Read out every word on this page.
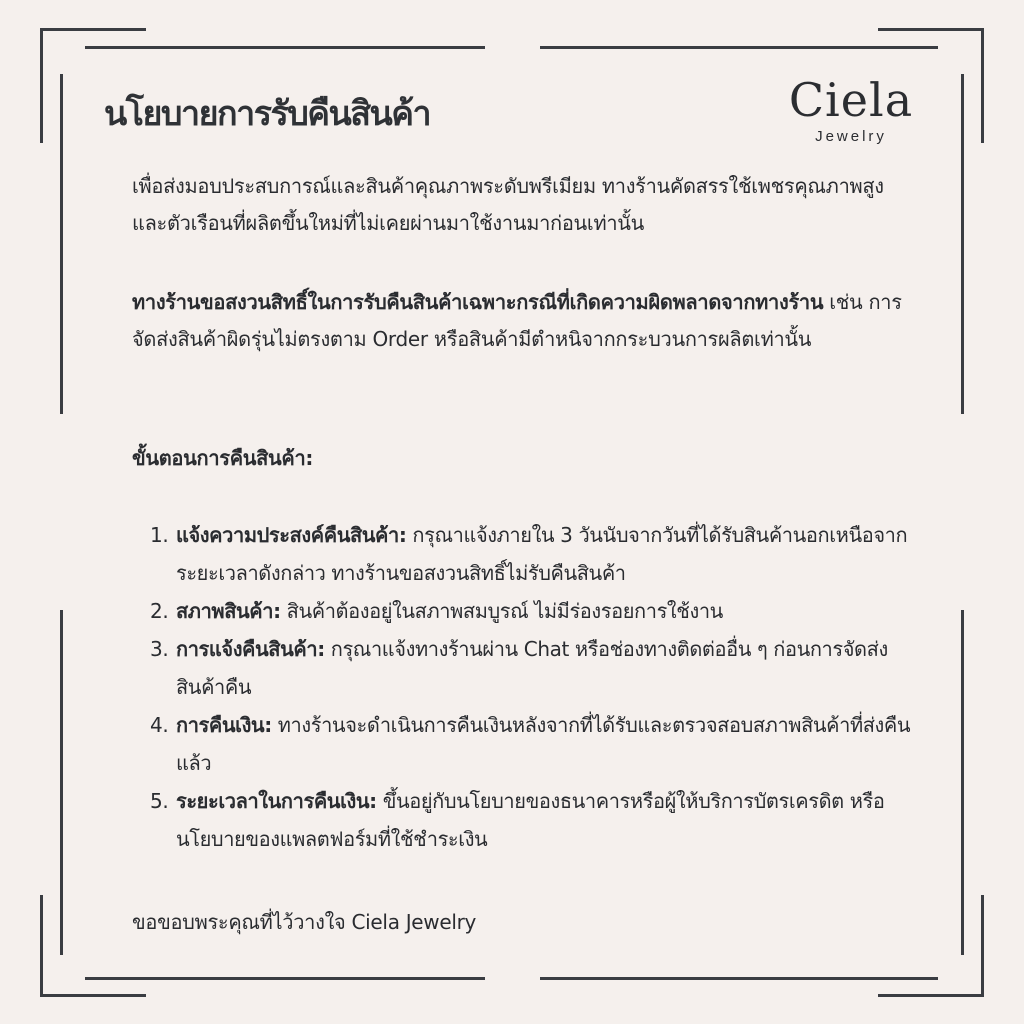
นโยบายการรับคืนสินค้า	Ciela
Jewelry

เพื่อส่งมอบประสบการณ์และสินค้าคุณภาพระดับพรีเมียม ทางร้านคัดสรรใช้เพชรคุณภาพสูง และตัวเรือนที่ผลิตขึ้นใหม่ที่ไม่เคยผ่านมาใช้งานมาก่อนเท่านั้น

ทางร้านขอสงวนสิทธิ์ในการรับคืนสินค้าเฉพาะกรณีที่เกิดความผิดพลาดจากทางร้าน เช่น การจัดส่งสินค้าผิดรุ่นไม่ตรงตาม Order หรือสินค้ามีตำหนิจากกระบวนการผลิตเท่านั้น

ขั้นตอนการคืนสินค้า:

1. แจ้งความประสงค์คืนสินค้า: กรุณาแจ้งภายใน 3 วันนับจากวันที่ได้รับสินค้านอกเหนือจากระยะเวลาดังกล่าว ทางร้านขอสงวนสิทธิ์ไม่รับคืนสินค้า
2. สภาพสินค้า: สินค้าต้องอยู่ในสภาพสมบูรณ์ ไม่มีร่องรอยการใช้งาน
3. การแจ้งคืนสินค้า: กรุณาแจ้งทางร้านผ่าน Chat หรือช่องทางติดต่ออื่น ๆ ก่อนการจัดส่งสินค้าคืน
4. การคืนเงิน: ทางร้านจะดำเนินการคืนเงินหลังจากที่ได้รับและตรวจสอบสภาพสินค้าที่ส่งคืนแล้ว
5. ระยะเวลาในการคืนเงิน: ขึ้นอยู่กับนโยบายของธนาคารหรือผู้ให้บริการบัตรเครดิต หรือนโยบายของแพลตฟอร์มที่ใช้ชำระเงิน

ขอขอบพระคุณที่ไว้วางใจ Ciela Jewelry
